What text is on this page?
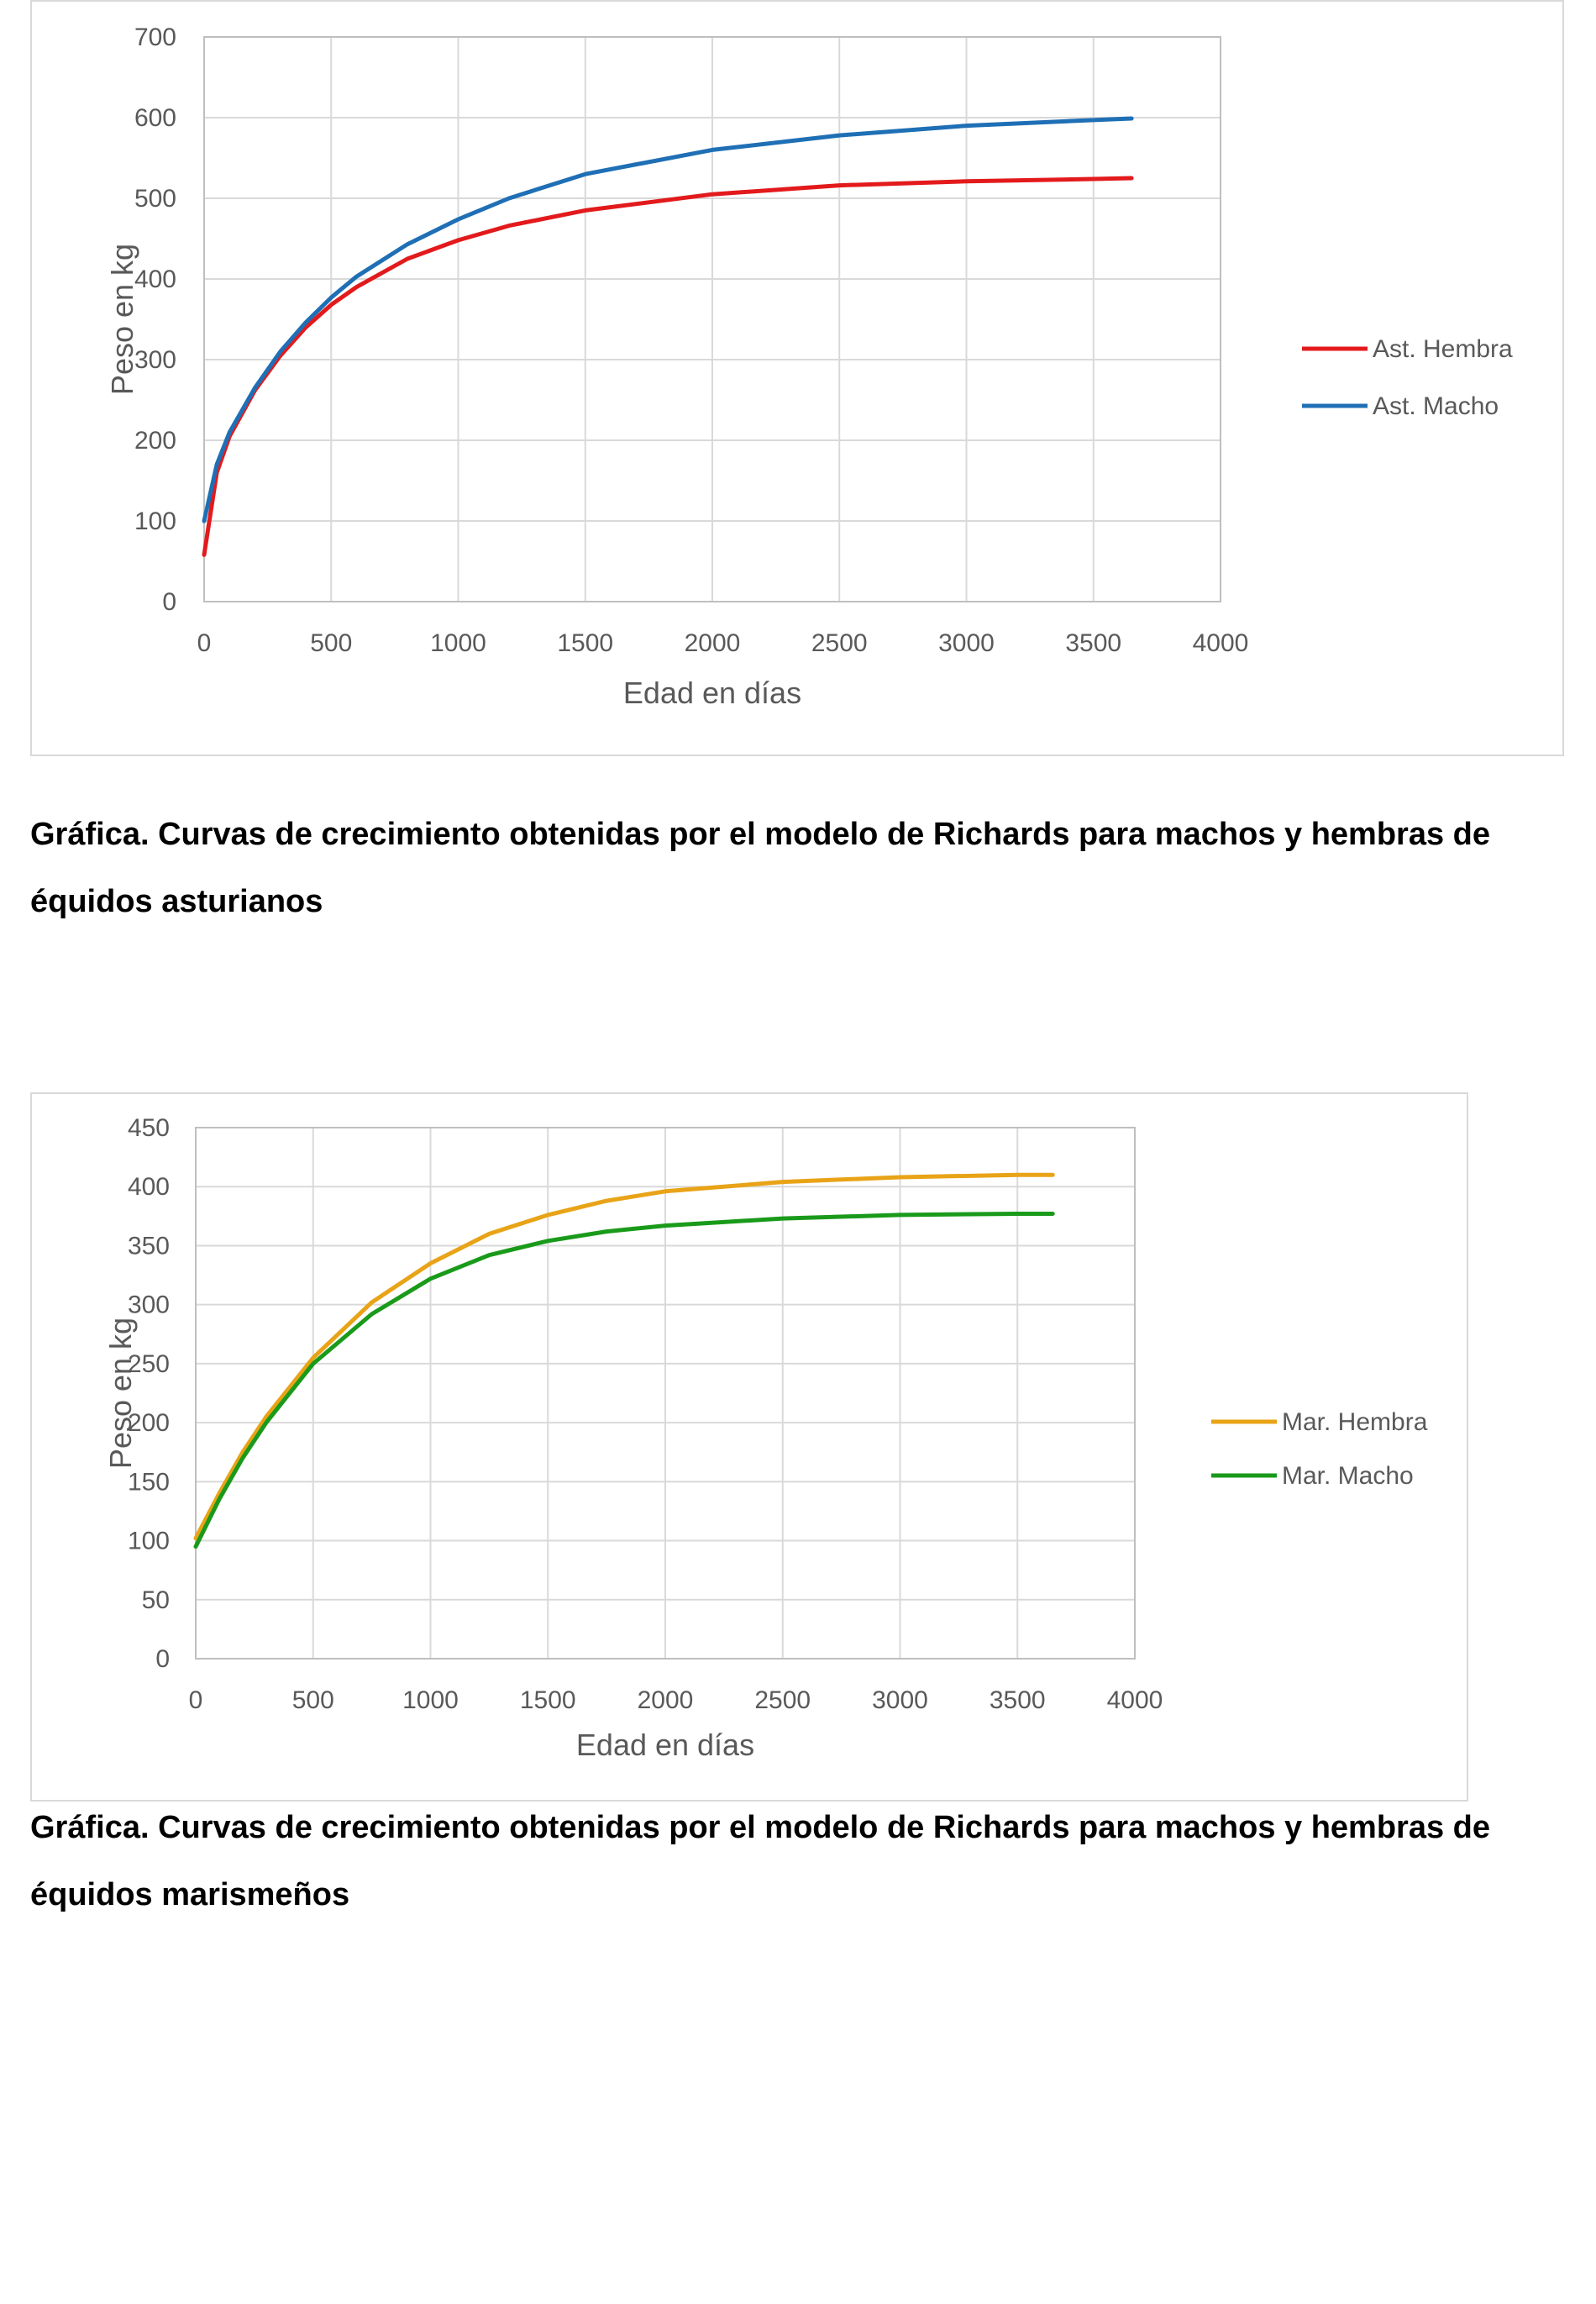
0
100
200
300
400
500
600
700
0	500	1000	1500	2000	2500	3000	3500	4000
Edad en días
Peso en kg	Ast. Hembra
Ast. Macho

Gráfica. Curvas de crecimiento obtenidas por el modelo de Richards para machos y hembras de équidos asturianos

0
50
100
150
200
250
300
350
400
450
0	500	1000 1500 2000 2500 3000 3500 4000
Edad en días
Peso en kg	Mar. Hembra
Mar. Macho

Gráfica. Curvas de crecimiento obtenidas por el modelo de Richards para machos y hembras de équidos marismeños
